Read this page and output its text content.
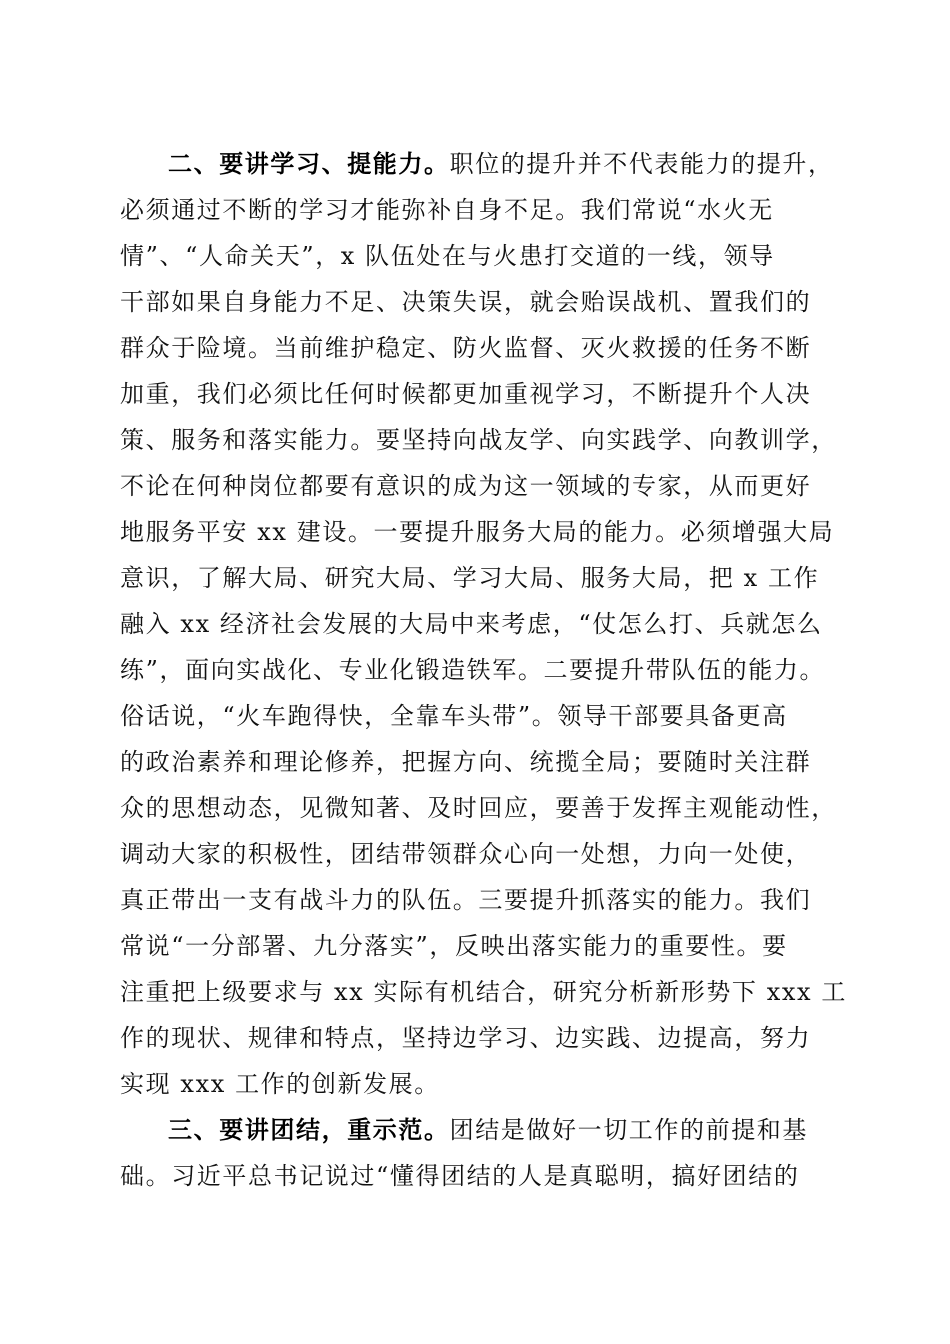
二、要讲学习、提能力。职位的提升并不代表能力的提升，
必须通过不断的学习才能弥补自身不足。我们常说“水火无
情”、“人命关天”，x 队伍处在与火患打交道的一线，领导
干部如果自身能力不足、决策失误，就会贻误战机、置我们的
群众于险境。当前维护稳定、防火监督、灭火救援的任务不断
加重，我们必须比任何时候都更加重视学习，不断提升个人决
策、服务和落实能力。要坚持向战友学、向实践学、向教训学，
不论在何种岗位都要有意识的成为这一领域的专家，从而更好
地服务平安 xx 建设。一要提升服务大局的能力。必须增强大局
意识，了解大局、研究大局、学习大局、服务大局，把 x 工作
融入 xx 经济社会发展的大局中来考虑，“仗怎么打、兵就怎么
练”，面向实战化、专业化锻造铁军。二要提升带队伍的能力。
俗话说，“火车跑得快，全靠车头带”。领导干部要具备更高
的政治素养和理论修养，把握方向、统揽全局；要随时关注群
众的思想动态，见微知著、及时回应，要善于发挥主观能动性，
调动大家的积极性，团结带领群众心向一处想，力向一处使，
真正带出一支有战斗力的队伍。三要提升抓落实的能力。我们
常说“一分部署、九分落实”，反映出落实能力的重要性。要
注重把上级要求与 xx 实际有机结合，研究分析新形势下 xxx 工
作的现状、规律和特点，坚持边学习、边实践、边提高，努力
实现 xxx 工作的创新发展。
三、要讲团结，重示范。团结是做好一切工作的前提和基
础。习近平总书记说过“懂得团结的人是真聪明，搞好团结的
